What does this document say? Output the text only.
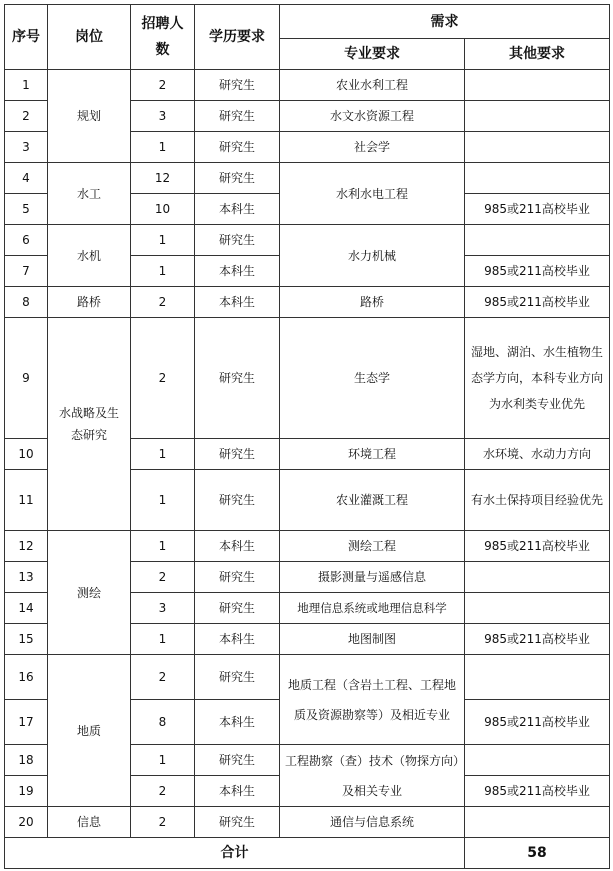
序号	岗位	招聘人数	学历要求	需求	
				专业要求	其他要求
1	规划	2	研究生	农业水利工程	
2		3	研究生	水文水资源工程	
3		1	研究生	社会学	
4	水工	12	研究生	水利水电工程	
5		10	本科生		985或211高校毕业
6	水机	1	研究生	水力机械	
7		1	本科生		985或211高校毕业
8	路桥	2	本科生	路桥	985或211高校毕业
9	水战略及生态研究	2	研究生	生态学	湿地、湖泊、水生植物生态学方向，本科专业方向为水利类专业优先
10		1	研究生	环境工程	水环境、水动力方向
11		1	研究生	农业灌溉工程	有水土保持项目经验优先
12	测绘	1	本科生	测绘工程	985或211高校毕业
13		2	研究生	摄影测量与遥感信息	
14		3	研究生	地理信息系统或地理信息科学	
15		1	本科生	地图制图	985或211高校毕业
16	地质	2	研究生	地质工程（含岩土工程、工程地质及资源勘察等）及相近专业	
17		8	本科生		985或211高校毕业
18		1	研究生	工程勘察（查）技术（物探方向）及相关专业	
19		2	本科生		985或211高校毕业
20	信息	2	研究生	通信与信息系统	
合计					58
